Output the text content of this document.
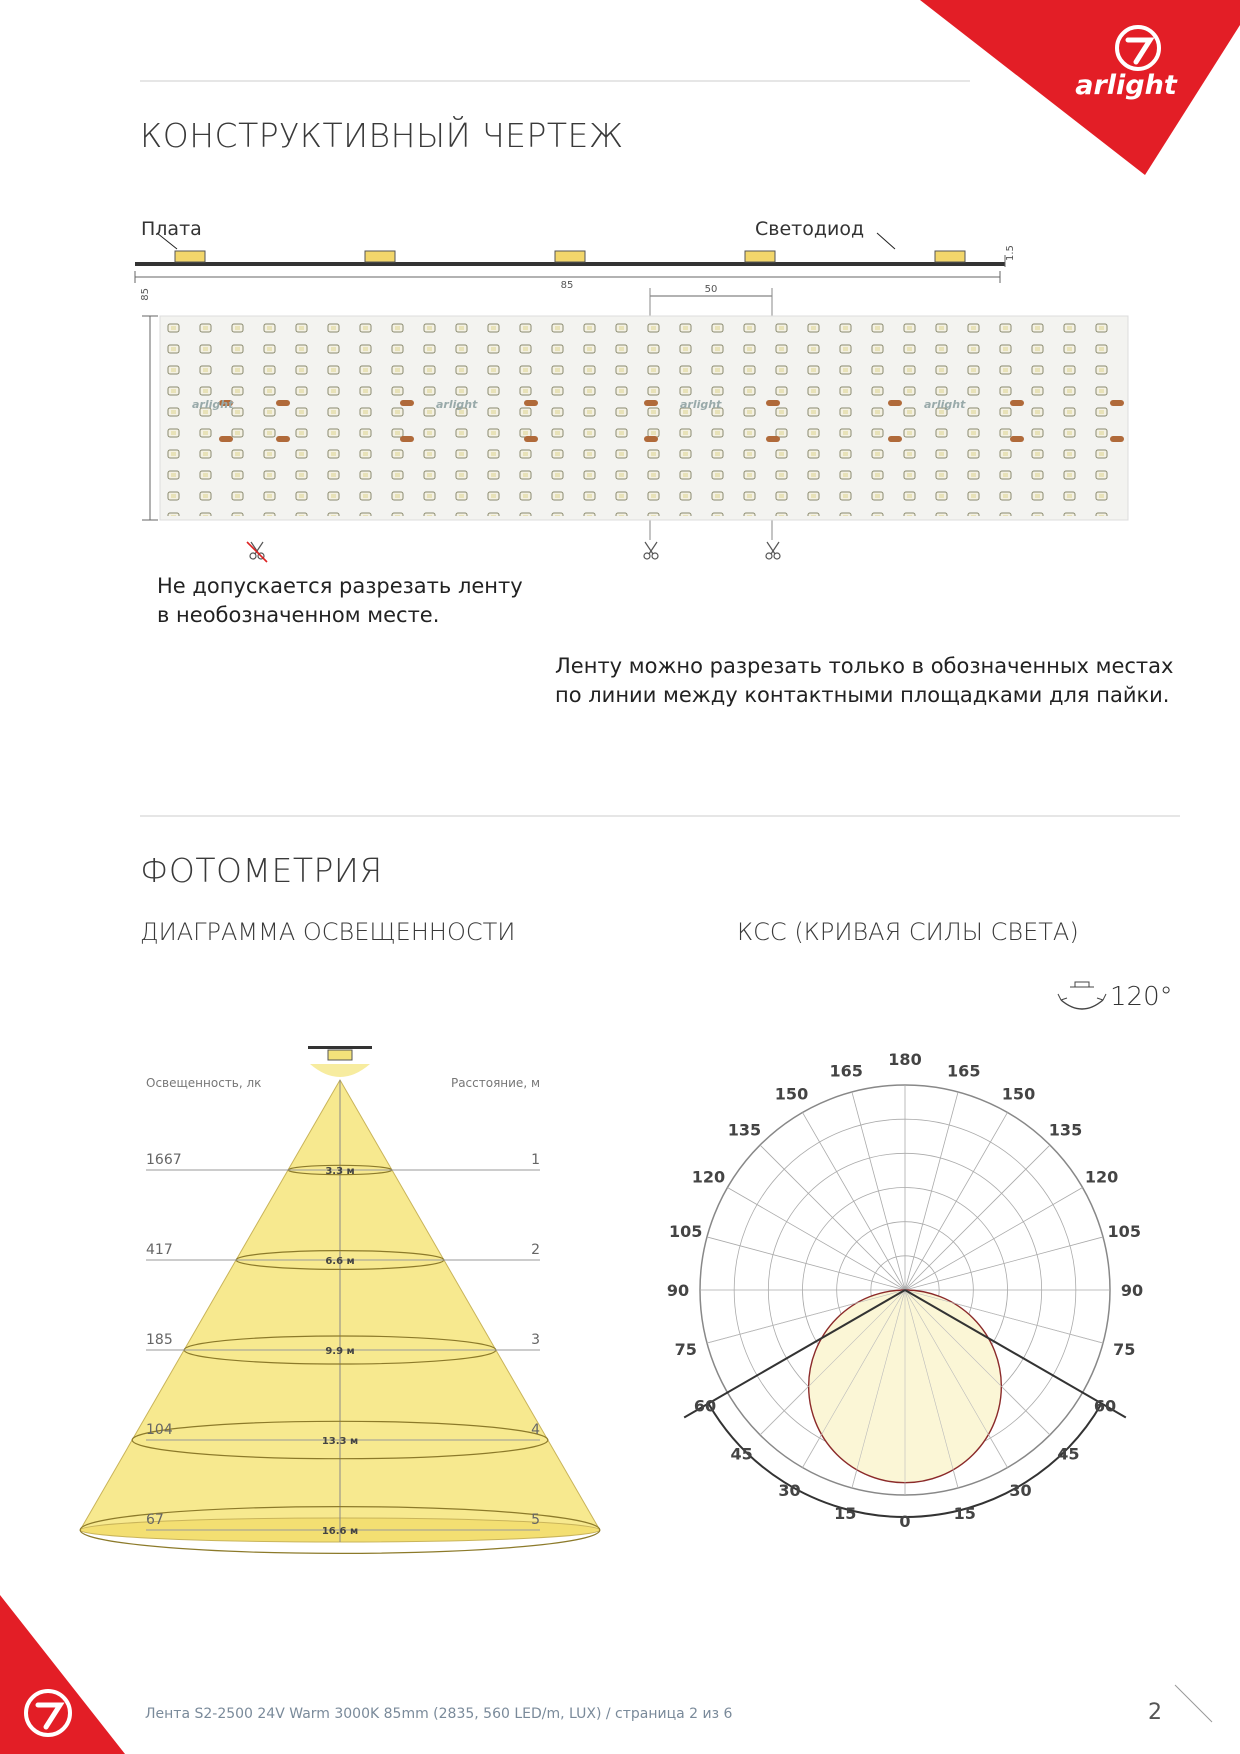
arlight
КОНСТРУКТИВНЫЙ ЧЕРТЕЖ
Плата	Светодиод
85
1.5
85	50
arlight	arlight	arlight	arlight
Не допускается разрезать ленту
в необозначенном месте.
Ленту можно разрезать только в обозначенных местах
по линии между контактными площадками для пайки.
ФОТОМЕТРИЯ
ДИАГРАММА ОСВЕЩЕННОСТИ	КСС (КРИВАЯ СИЛЫ СВЕТА)
120°
Освещенность, лк	Расстояние, м
1667	1
3.3 м
417	2
6.6 м
185	3
9.9 м
104	4
13.3 м
67	5
16.6 м
180
165
150
135
120
105
90
75
60
45
30
15	0
165
150
135
120
105
90
75
60
45
30
15
Лента S2-2500 24V Warm 3000K 85mm (2835, 560 LED/m, LUX) / страница 2 из 6	2
